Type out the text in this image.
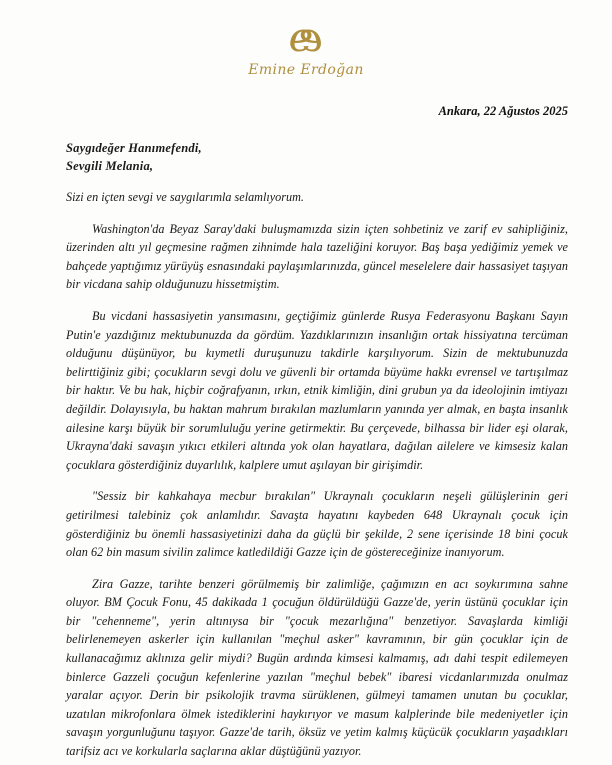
ee
Emine Erdoğan
Ankara, 22 Ağustos 2025

Saygıdeğer Hanımefendi,

Sevgili Melania,

Sizi en içten sevgi ve saygılarımla selamlıyorum.

Washington'da Beyaz Saray'daki buluşmamızda sizin içten sohbetiniz ve zarif ev sahipliğiniz, üzerinden altı yıl geçmesine rağmen zihnimde hala tazeliğini koruyor. Baş başa yediğimiz yemek ve bahçede yaptığımız yürüyüş esnasındaki paylaşımlarınızda, güncel meselelere dair hassasiyet taşıyan bir vicdana sahip olduğunuzu hissetmiştim.

Bu vicdani hassasiyetin yansımasını, geçtiğimiz günlerde Rusya Federasyonu Başkanı Sayın Putin'e yazdığınız mektubunuzda da gördüm. Yazdıklarınızın insanlığın ortak hissiyatına tercüman olduğunu düşünüyor, bu kıymetli duruşunuzu takdirle karşılıyorum. Sizin de mektubunuzda belirttiğiniz gibi; çocukların sevgi dolu ve güvenli bir ortamda büyüme hakkı evrensel ve tartışılmaz bir haktır. Ve bu hak, hiçbir coğrafyanın, ırkın, etnik kimliğin, dini grubun ya da ideolojinin imtiyazı değildir. Dolayısıyla, bu haktan mahrum bırakılan mazlumların yanında yer almak, en başta insanlık ailesine karşı büyük bir sorumluluğu yerine getirmektir. Bu çerçevede, bilhassa bir lider eşi olarak, Ukrayna'daki savaşın yıkıcı etkileri altında yok olan hayatlara, dağılan ailelere ve kimsesiz kalan çocuklara gösterdiğiniz duyarlılık, kalplere umut aşılayan bir girişimdir.

"Sessiz bir kahkahaya mecbur bırakılan" Ukraynalı çocukların neşeli gülüşlerinin geri getirilmesi talebiniz çok anlamlıdır. Savaşta hayatını kaybeden 648 Ukraynalı çocuk için gösterdiğiniz bu önemli hassasiyetinizi daha da güçlü bir şekilde, 2 sene içerisinde 18 bini çocuk olan 62 bin masum sivilin zalimce katledildiği Gazze için de göstereceğinize inanıyorum.

Zira Gazze, tarihte benzeri görülmemiş bir zalimliğe, çağımızın en acı soykırımına sahne oluyor. BM Çocuk Fonu, 45 dakikada 1 çocuğun öldürüldüğü Gazze'de, yerin üstünü çocuklar için bir "cehenneme", yerin altınıysa bir "çocuk mezarlığına" benzetiyor. Savaşlarda kimliği belirlenemeyen askerler için kullanılan "meçhul asker" kavramının, bir gün çocuklar için de kullanacağımız aklınıza gelir miydi? Bugün ardında kimsesi kalmamış, adı dahi tespit edilemeyen binlerce Gazzeli çocuğun kefenlerine yazılan "meçhul bebek" ibaresi vicdanlarımızda onulmaz yaralar açıyor. Derin bir psikolojik travma sürüklenen, gülmeyi tamamen unutan bu çocuklar, uzatılan mikrofonlara ölmek istediklerini haykırıyor ve masum kalplerinde bile medeniyetler için savaşın yorgunluğunu taşıyor. Gazze'de tarih, öksüz ve yetim kalmış küçücük çocukların yaşadıkları tarifsiz acı ve korkularla saçlarına aklar düştüğünü yazıyor.
